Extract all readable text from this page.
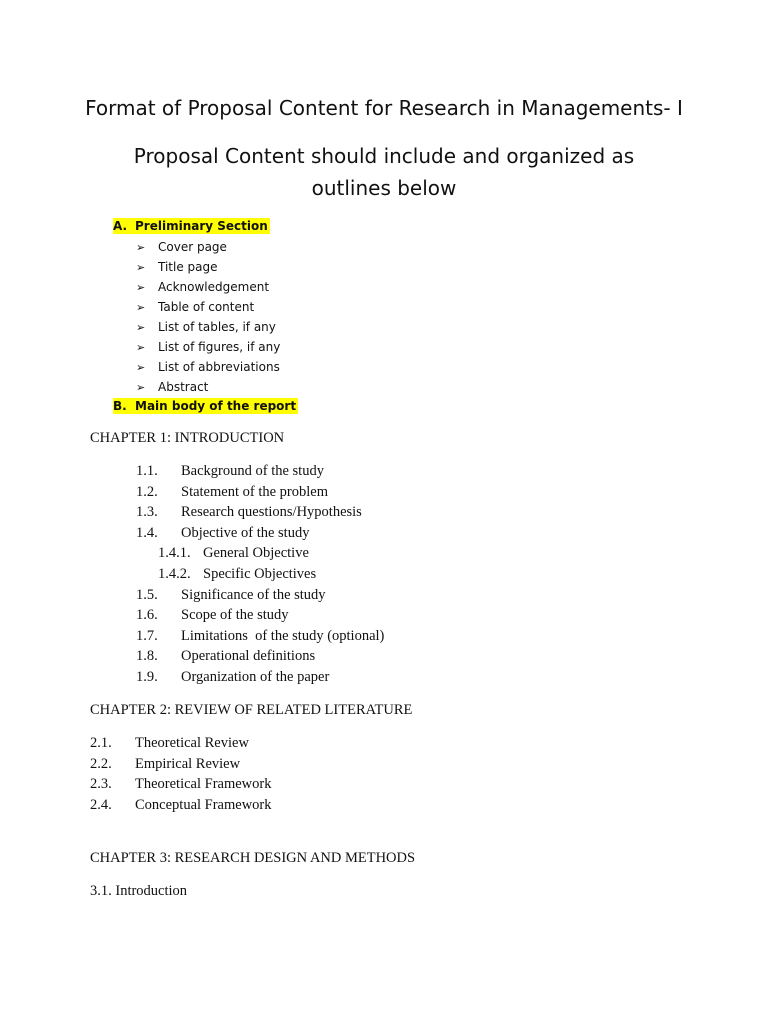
Format of Proposal Content for Research in Managements- I
Proposal Content should include and organized as outlines below
A. Preliminary Section
➢ Cover page
➢ Title page
➢ Acknowledgement
➢ Table of content
➢ List of tables, if any
➢ List of figures, if any
➢ List of abbreviations
➢ Abstract
B. Main body of the report
CHAPTER 1: INTRODUCTION
1.1. Background of the study
1.2. Statement of the problem
1.3. Research questions/Hypothesis
1.4. Objective of the study
1.4.1. General Objective
1.4.2. Specific Objectives
1.5. Significance of the study
1.6. Scope of the study
1.7. Limitations  of the study (optional)
1.8. Operational definitions
1.9. Organization of the paper
CHAPTER 2: REVIEW OF RELATED LITERATURE
2.1. Theoretical Review
2.2. Empirical Review
2.3. Theoretical Framework
2.4. Conceptual Framework
CHAPTER 3: RESEARCH DESIGN AND METHODS
3.1. Introduction
